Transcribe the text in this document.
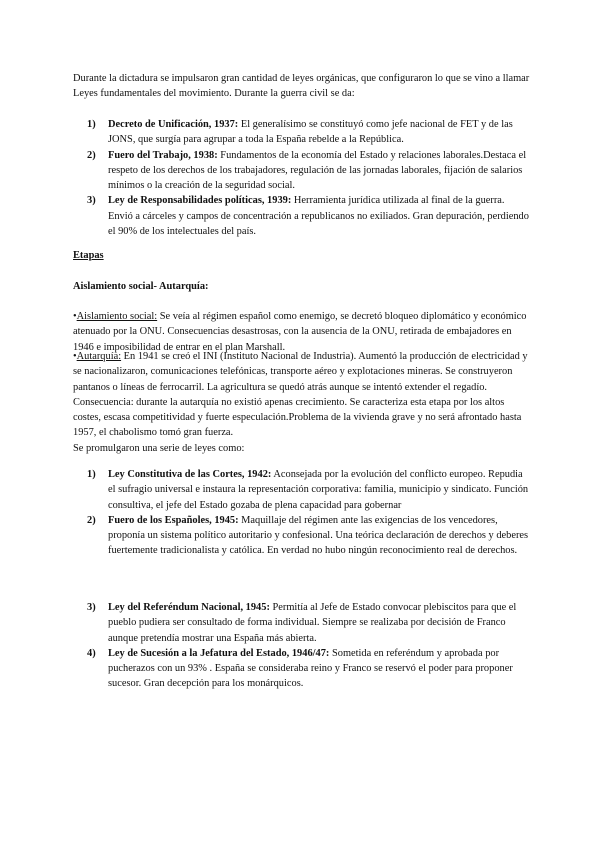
Durante la dictadura se impulsaron gran cantidad de leyes orgánicas, que configuraron lo que se vino a llamar Leyes fundamentales del movimiento. Durante la guerra civil se da:

1) Decreto de Unificación, 1937: El generalísimo se constituyó como jefe nacional de FET y de las JONS, que surgía para agrupar a toda la España rebelde a la República.
2) Fuero del Trabajo, 1938: Fundamentos de la economía del Estado y relaciones laborales.Destaca el respeto de los derechos de los trabajadores, regulación de las jornadas laborales, fijación de salarios mínimos o la creación de la seguridad social.
3) Ley de Responsabilidades políticas, 1939: Herramienta jurídica utilizada al final de la guerra. Envió a cárceles y campos de concentración a republicanos no exiliados. Gran depuración, perdiendo el 90% de los intelectuales del país.

Etapas

Aislamiento social- Autarquía:

•Aislamiento social: Se veía al régimen español como enemigo, se decretó bloqueo diplomático y económico atenuado por la ONU. Consecuencias desastrosas, con la ausencia de la ONU, retirada de embajadores en 1946 e imposibilidad de entrar en el plan Marshall.

•Autarquía: En 1941 se creó el INI (Instituto Nacional de Industria). Aumentó la producción de electricidad y se nacionalizaron, comunicaciones telefónicas, transporte aéreo y explotaciones mineras. Se construyeron pantanos o líneas de ferrocarril. La agricultura se quedó atrás aunque se intentó extender el regadío. Consecuencia: durante la autarquía no existió apenas crecimiento. Se caracteriza esta etapa por los altos costes, escasa competitividad y fuerte especulación.Problema de la vivienda grave y no será afrontado hasta 1957, el chabolismo tomó gran fuerza.

Se promulgaron una serie de leyes como:

1) Ley Constitutiva de las Cortes, 1942: Aconsejada por la evolución del conflicto europeo. Repudia el sufragio universal e instaura la representación corporativa: familia, municipio y sindicato. Función consultiva, el jefe del Estado gozaba de plena capacidad para gobernar
2) Fuero de los Españoles, 1945: Maquillaje del régimen ante las exigencias de los vencedores, proponía un sistema político autoritario y confesional. Una teórica declaración de derechos y deberes fuertemente tradicionalista y católica. En verdad no hubo ningún reconocimiento real de derechos.
3) Ley del Referéndum Nacional, 1945: Permitía al Jefe de Estado convocar plebiscitos para que el pueblo pudiera ser consultado de forma individual. Siempre se realizaba por decisión de Franco aunque pretendía mostrar una España más abierta.
4) Ley de Sucesión a la Jefatura del Estado, 1946/47: Sometida en referéndum y aprobada por pucherazos con un 93% . España se consideraba reino y Franco se reservó el poder para proponer sucesor. Gran decepción para los monárquicos.
